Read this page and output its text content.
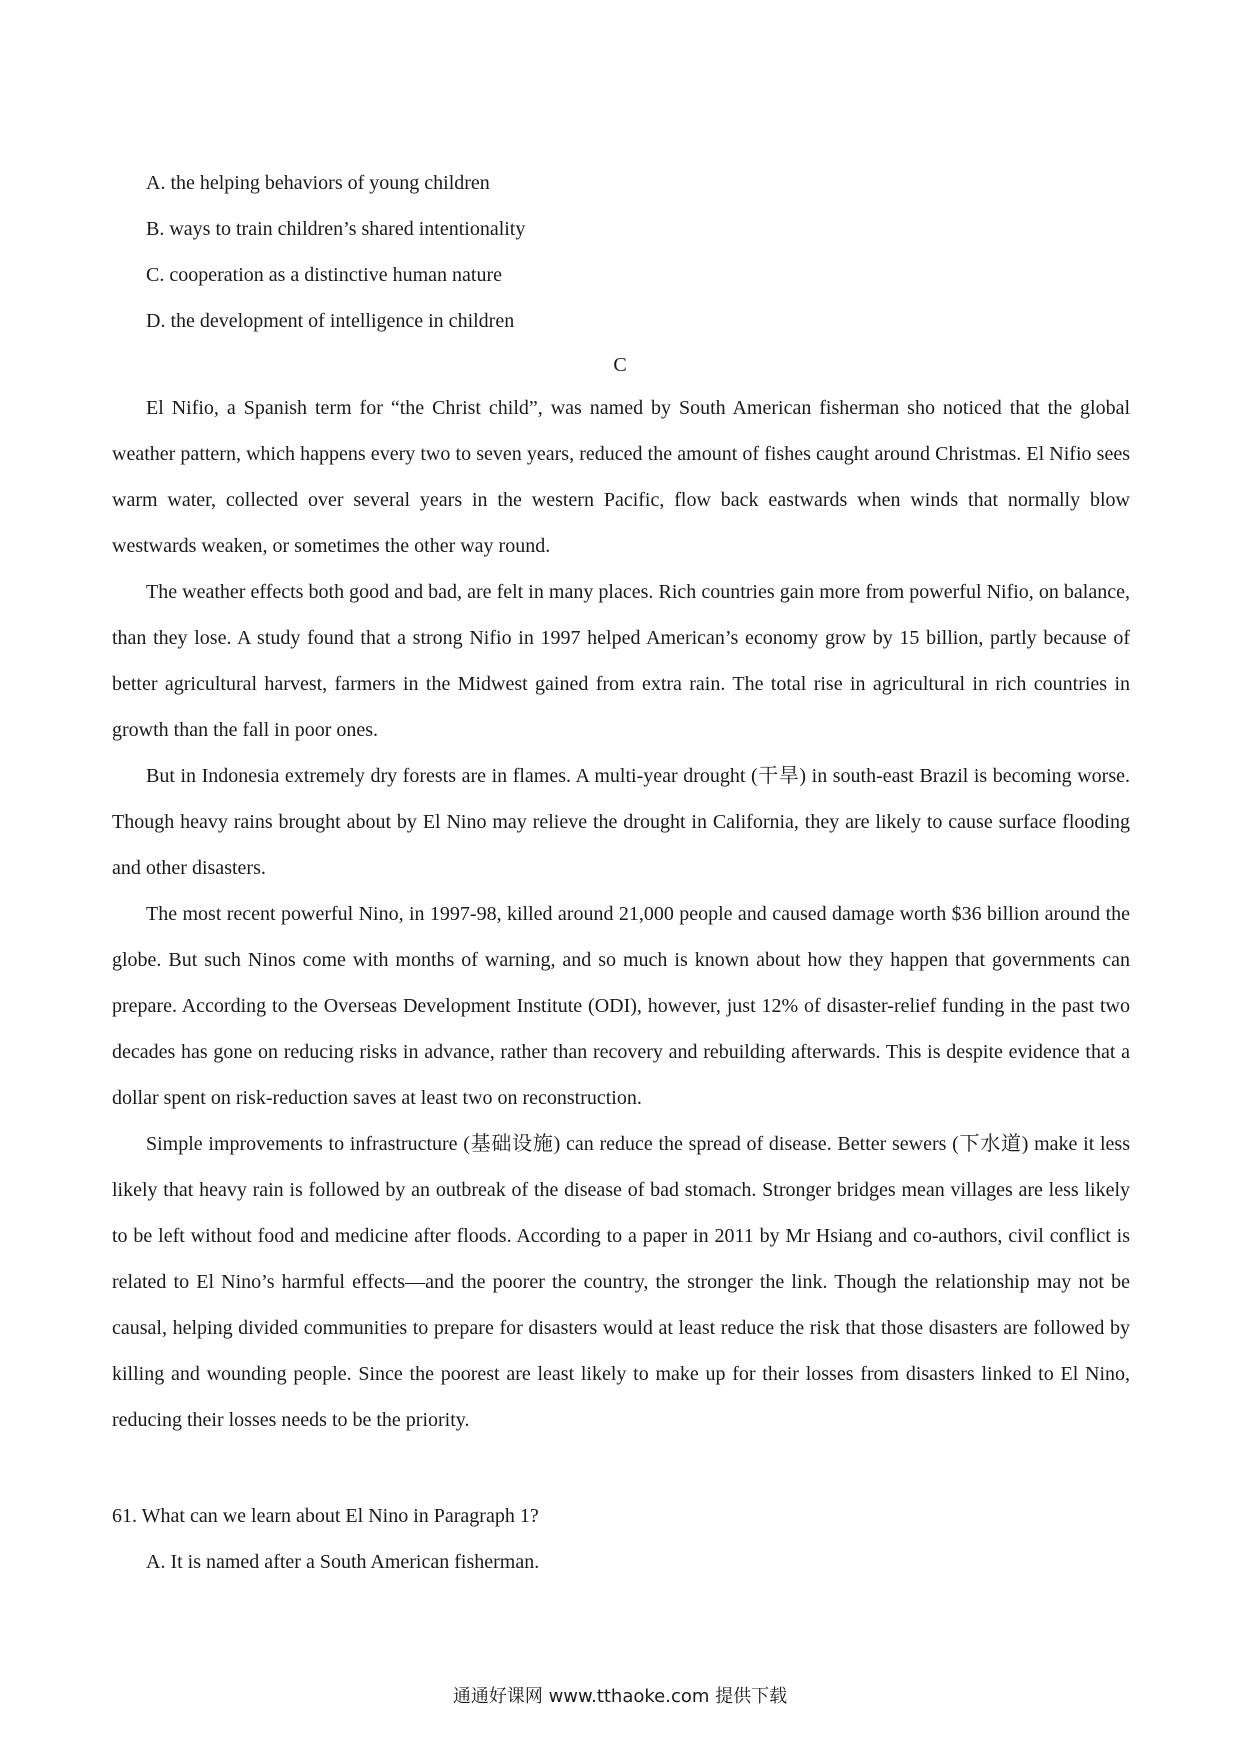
A. the helping behaviors of young children
B. ways to train children’s shared intentionality
C. cooperation as a distinctive human nature
D. the development of intelligence in children
C

El Nifio, a Spanish term for “the Christ child”, was named by South American fisherman sho noticed that the global weather pattern, which happens every two to seven years, reduced the amount of fishes caught around Christmas. El Nifio sees warm water, collected over several years in the western Pacific, flow back eastwards when winds that normally blow westwards weaken, or sometimes the other way round.

The weather effects both good and bad, are felt in many places. Rich countries gain more from powerful Nifio, on balance, than they lose. A study found that a strong Nifio in 1997 helped American’s economy grow by 15 billion, partly because of better agricultural harvest, farmers in the Midwest gained from extra rain. The total rise in agricultural in rich countries in growth than the fall in poor ones.

But in Indonesia extremely dry forests are in flames. A multi-year drought (干旱) in south-east Brazil is becoming worse. Though heavy rains brought about by El Nino may relieve the drought in California, they are likely to cause surface flooding and other disasters.

The most recent powerful Nino, in 1997-98, killed around 21,000 people and caused damage worth $36 billion around the globe. But such Ninos come with months of warning, and so much is known about how they happen that governments can prepare. According to the Overseas Development Institute (ODI), however, just 12% of disaster-relief funding in the past two decades has gone on reducing risks in advance, rather than recovery and rebuilding afterwards. This is despite evidence that a dollar spent on risk-reduction saves at least two on reconstruction.

Simple improvements to infrastructure (基础设施) can reduce the spread of disease. Better sewers (下水道) make it less likely that heavy rain is followed by an outbreak of the disease of bad stomach. Stronger bridges mean villages are less likely to be left without food and medicine after floods. According to a paper in 2011 by Mr Hsiang and co-authors, civil conflict is related to El Nino’s harmful effects—and the poorer the country, the stronger the link. Though the relationship may not be causal, helping divided communities to prepare for disasters would at least reduce the risk that those disasters are followed by killing and wounding people. Since the poorest are least likely to make up for their losses from disasters linked to El Nino, reducing their losses needs to be the priority.

61. What can we learn about El Nino in Paragraph 1?
A. It is named after a South American fisherman.
通通好课网 www.tthaoke.com 提供下载
